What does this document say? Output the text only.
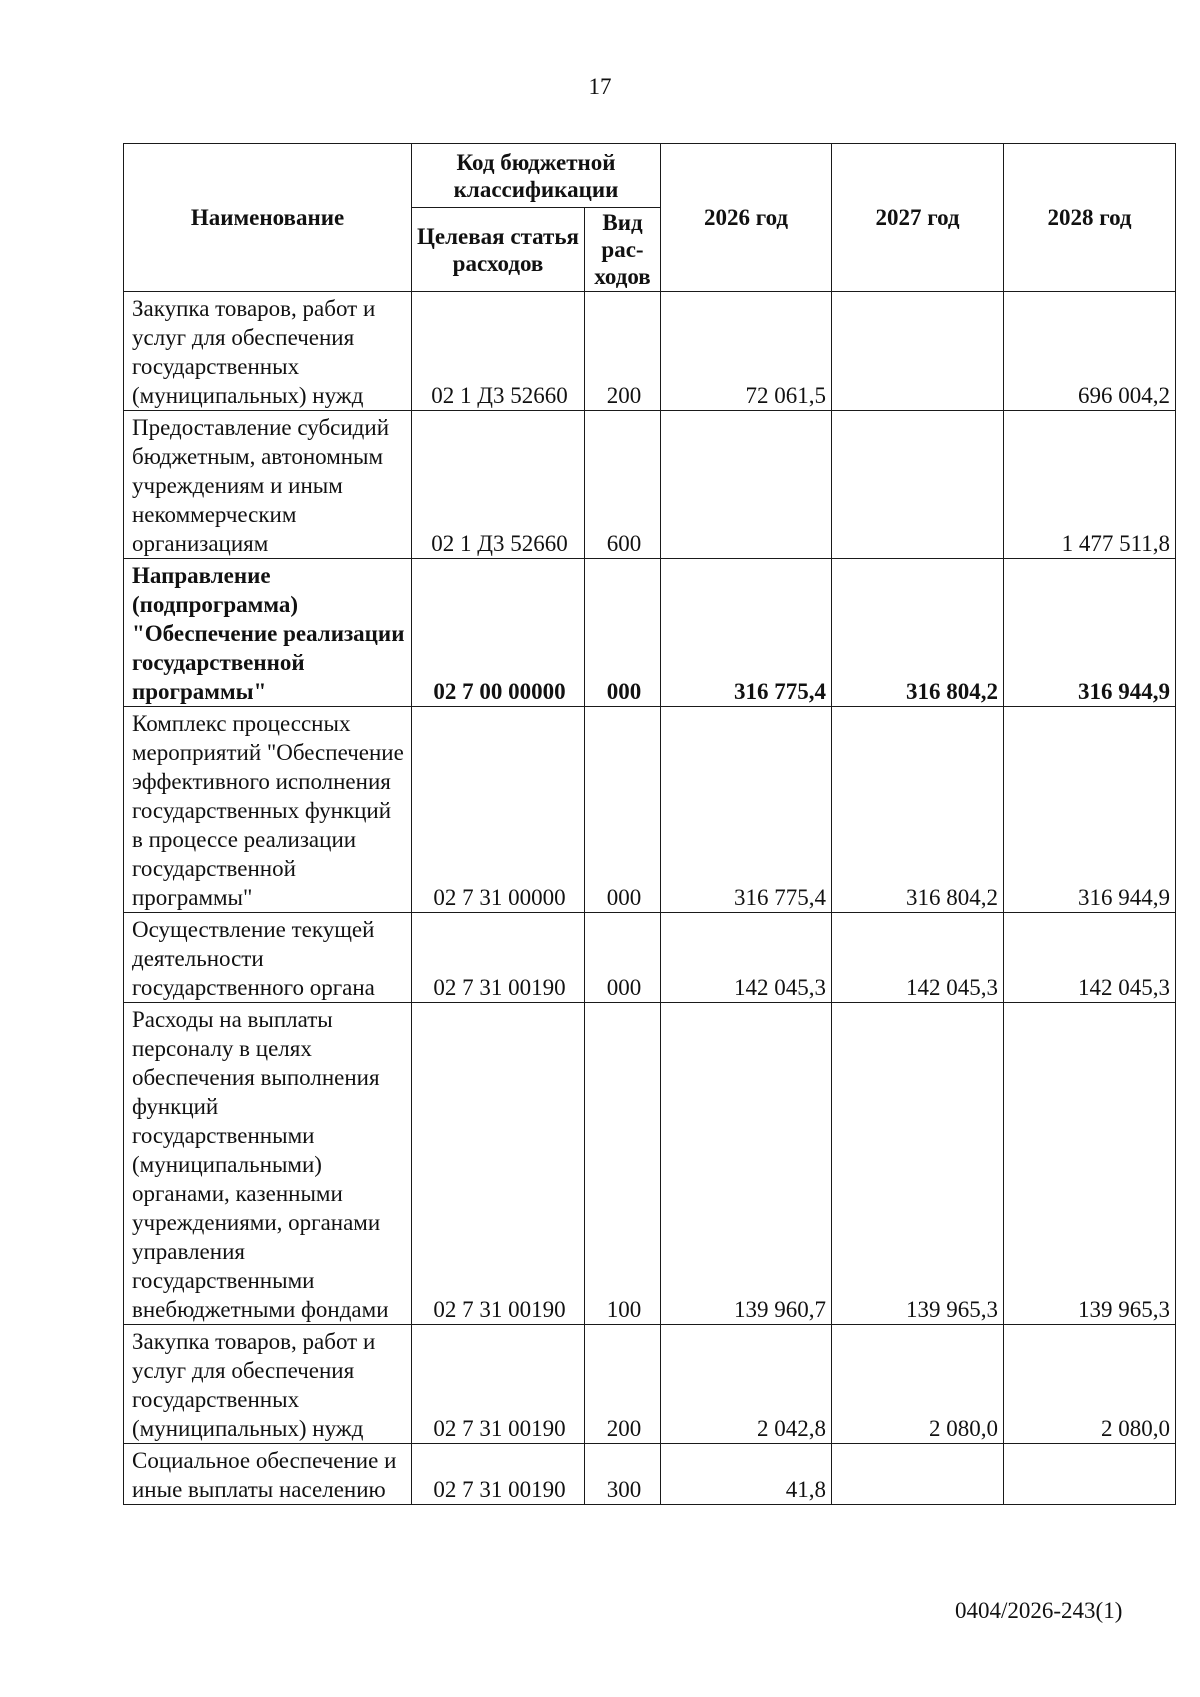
17
Наименование	Код бюджетной классификации		2026 год	2027 год	2028 год
	Целевая статья расходов	Вид рас-ходов			
Закупка товаров, работ и услуг для обеспечения государственных (муниципальных) нужд	02 1 Д3 52660	200	72 061,5		696 004,2
Предоставление субсидий бюджетным, автономным учреждениям и иным некоммерческим организациям	02 1 Д3 52660	600			1 477 511,8
Направление (подпрограмма) "Обеспечение реализации государственной программы"	02 7 00 00000	000	316 775,4	316 804,2	316 944,9
Комплекс процессных мероприятий "Обеспечение эффективного исполнения государственных функций в процессе реализации государственной программы"	02 7 31 00000	000	316 775,4	316 804,2	316 944,9
Осуществление текущей деятельности государственного органа	02 7 31 00190	000	142 045,3	142 045,3	142 045,3
Расходы на выплаты персоналу в целях обеспечения выполнения функций государственными (муниципальными) органами, казенными учреждениями, органами управления государственными внебюджетными фондами	02 7 31 00190	100	139 960,7	139 965,3	139 965,3
Закупка товаров, работ и услуг для обеспечения государственных (муниципальных) нужд	02 7 31 00190	200	2 042,8	2 080,0	2 080,0
Социальное обеспечение и иные выплаты населению	02 7 31 00190	300	41,8		
0404/2026-243(1)
